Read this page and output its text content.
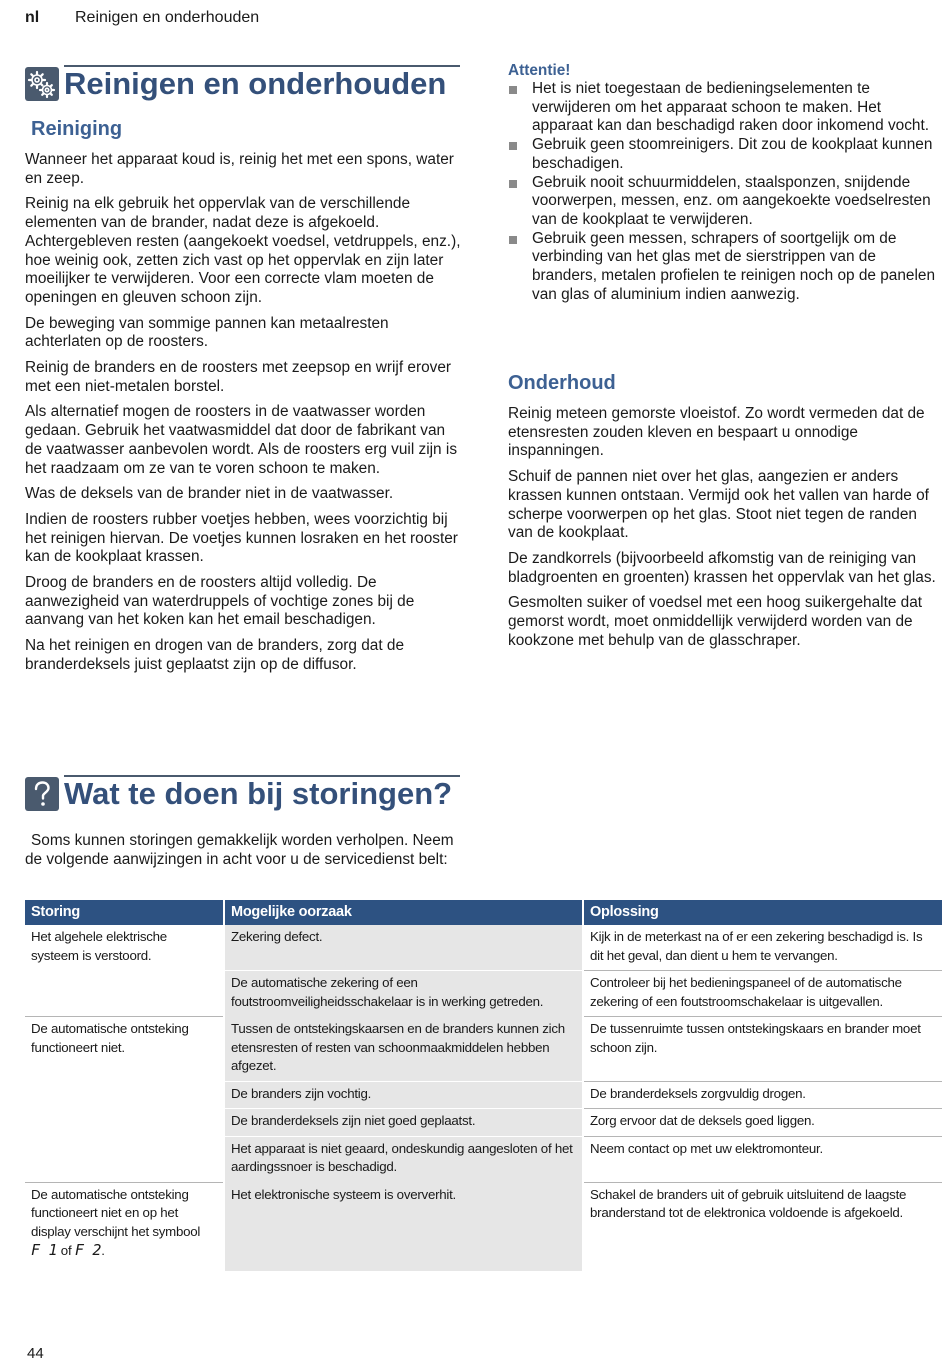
nl Reinigen en onderhouden
Reinigen en onderhouden
Reiniging

Wanneer het apparaat koud is, reinig het met een spons, water en zeep.

Reinig na elk gebruik het oppervlak van de verschillende elementen van de brander, nadat deze is afgekoeld. Achtergebleven resten (aangekoekt voedsel, vetdruppels, enz.), hoe weinig ook, zetten zich vast op het oppervlak en zijn later moeilijker te verwijderen. Voor een correcte vlam moeten de openingen en gleuven schoon zijn.

De beweging van sommige pannen kan metaalresten achterlaten op de roosters.

Reinig de branders en de roosters met zeepsop en wrijf erover met een niet-metalen borstel.

Als alternatief mogen de roosters in de vaatwasser worden gedaan. Gebruik het vaatwasmiddel dat door de fabrikant van de vaatwasser aanbevolen wordt. Als de roosters erg vuil zijn is het raadzaam om ze van te voren schoon te maken.

Was de deksels van de brander niet in de vaatwasser.

Indien de roosters rubber voetjes hebben, wees voorzichtig bij het reinigen hiervan. De voetjes kunnen losraken en het rooster kan de kookplaat krassen.

Droog de branders en de roosters altijd volledig. De aanwezigheid van waterdruppels of vochtige zones bij de aanvang van het koken kan het email beschadigen.

Na het reinigen en drogen van de branders, zorg dat de branderdeksels juist geplaatst zijn op de diffusor.

Attentie!
Het is niet toegestaan de bedieningselementen te verwijderen om het apparaat schoon te maken. Het apparaat kan dan beschadigd raken door inkomend vocht.
Gebruik geen stoomreinigers. Dit zou de kookplaat kunnen beschadigen.
Gebruik nooit schuurmiddelen, staalsponzen, snijdende voorwerpen, messen, enz. om aangekoekte voedselresten van de kookplaat te verwijderen.
Gebruik geen messen, schrapers of soortgelijk om de verbinding van het glas met de sierstrippen van de branders, metalen profielen te reinigen noch op de panelen van glas of aluminium indien aanwezig.
Onderhoud

Reinig meteen gemorste vloeistof. Zo wordt vermeden dat de etensresten zouden kleven en bespaart u onnodige inspanningen.

Schuif de pannen niet over het glas, aangezien er anders krassen kunnen ontstaan. Vermijd ook het vallen van harde of scherpe voorwerpen op het glas. Stoot niet tegen de randen van de kookplaat.

De zandkorrels (bijvoorbeeld afkomstig van de reiniging van bladgroenten en groenten) krassen het oppervlak van het glas.

Gesmolten suiker of voedsel met een hoog suikergehalte dat gemorst wordt, moet onmiddellijk verwijderd worden van de kookzone met behulp van de glasschraper.

Wat te doen bij storingen?
Soms kunnen storingen gemakkelijk worden verholpen. Neem de volgende aanwijzingen in acht voor u de servicedienst belt:
Storing	Mogelijke oorzaak	Oplossing
Het algehele elektrische systeem is verstoord.	Zekering defect.	Kijk in de meterkast na of er een zekering beschadigd is. Is dit het geval, dan dient u hem te vervangen.
	De automatische zekering of een foutstroomveiligheidsschakelaar is in werking getreden.	Controleer bij het bedieningspaneel of de automatische zekering of een foutstroomschakelaar is uitgevallen.
De automatische ontsteking functioneert niet.	Tussen de ontstekingskaarsen en de branders kunnen zich etensresten of resten van schoonmaakmiddelen hebben afgezet.	De tussenruimte tussen ontstekingskaars en brander moet schoon zijn.
	De branders zijn vochtig.	De branderdeksels zorgvuldig drogen.
	De branderdeksels zijn niet goed geplaatst.	Zorg ervoor dat de deksels goed liggen.
	Het apparaat is niet geaard, ondeskundig aangesloten of het aardingssnoer is beschadigd.	Neem contact op met uw elektromonteur.
De automatische ontsteking functioneert niet en op het display verschijnt het symbool
F 1 of F 2.	Het elektronische systeem is oververhit.	Schakel de branders uit of gebruik uitsluitend de laagste branderstand tot de elektronica voldoende is afgekoeld.
44
